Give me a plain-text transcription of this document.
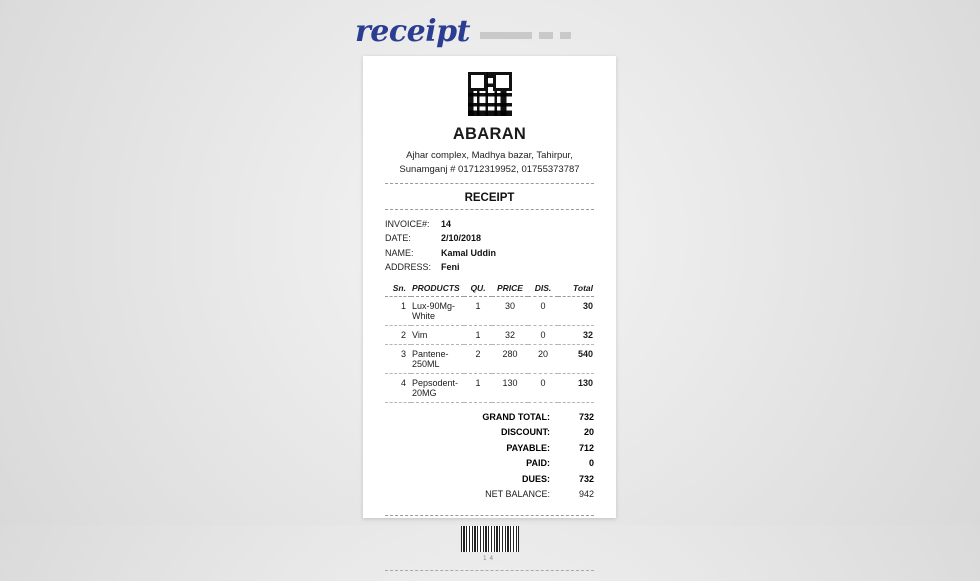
receipt
ABARAN
Ajhar complex, Madhya bazar, Tahirpur,
Sunamganj # 01712319952, 01755373787
RECEIPT
INVOICE#:	14
DATE:	2/10/2018
NAME:	Kamal Uddin
ADDRESS:	Feni
Sn.	PRODUCTS	QU.	PRICE	DIS.	Total
1	Lux-90Mg-White	1	30	0	30
2	Vim	1	32	0	32
3	Pantene-250ML	2	280	20	540
4	Pepsodent-20MG	1	130	0	130
GRAND TOTAL:	732
DISCOUNT:	20
PAYABLE:	712
PAID:	0
DUES:	732
NET BALANCE:	942
14
